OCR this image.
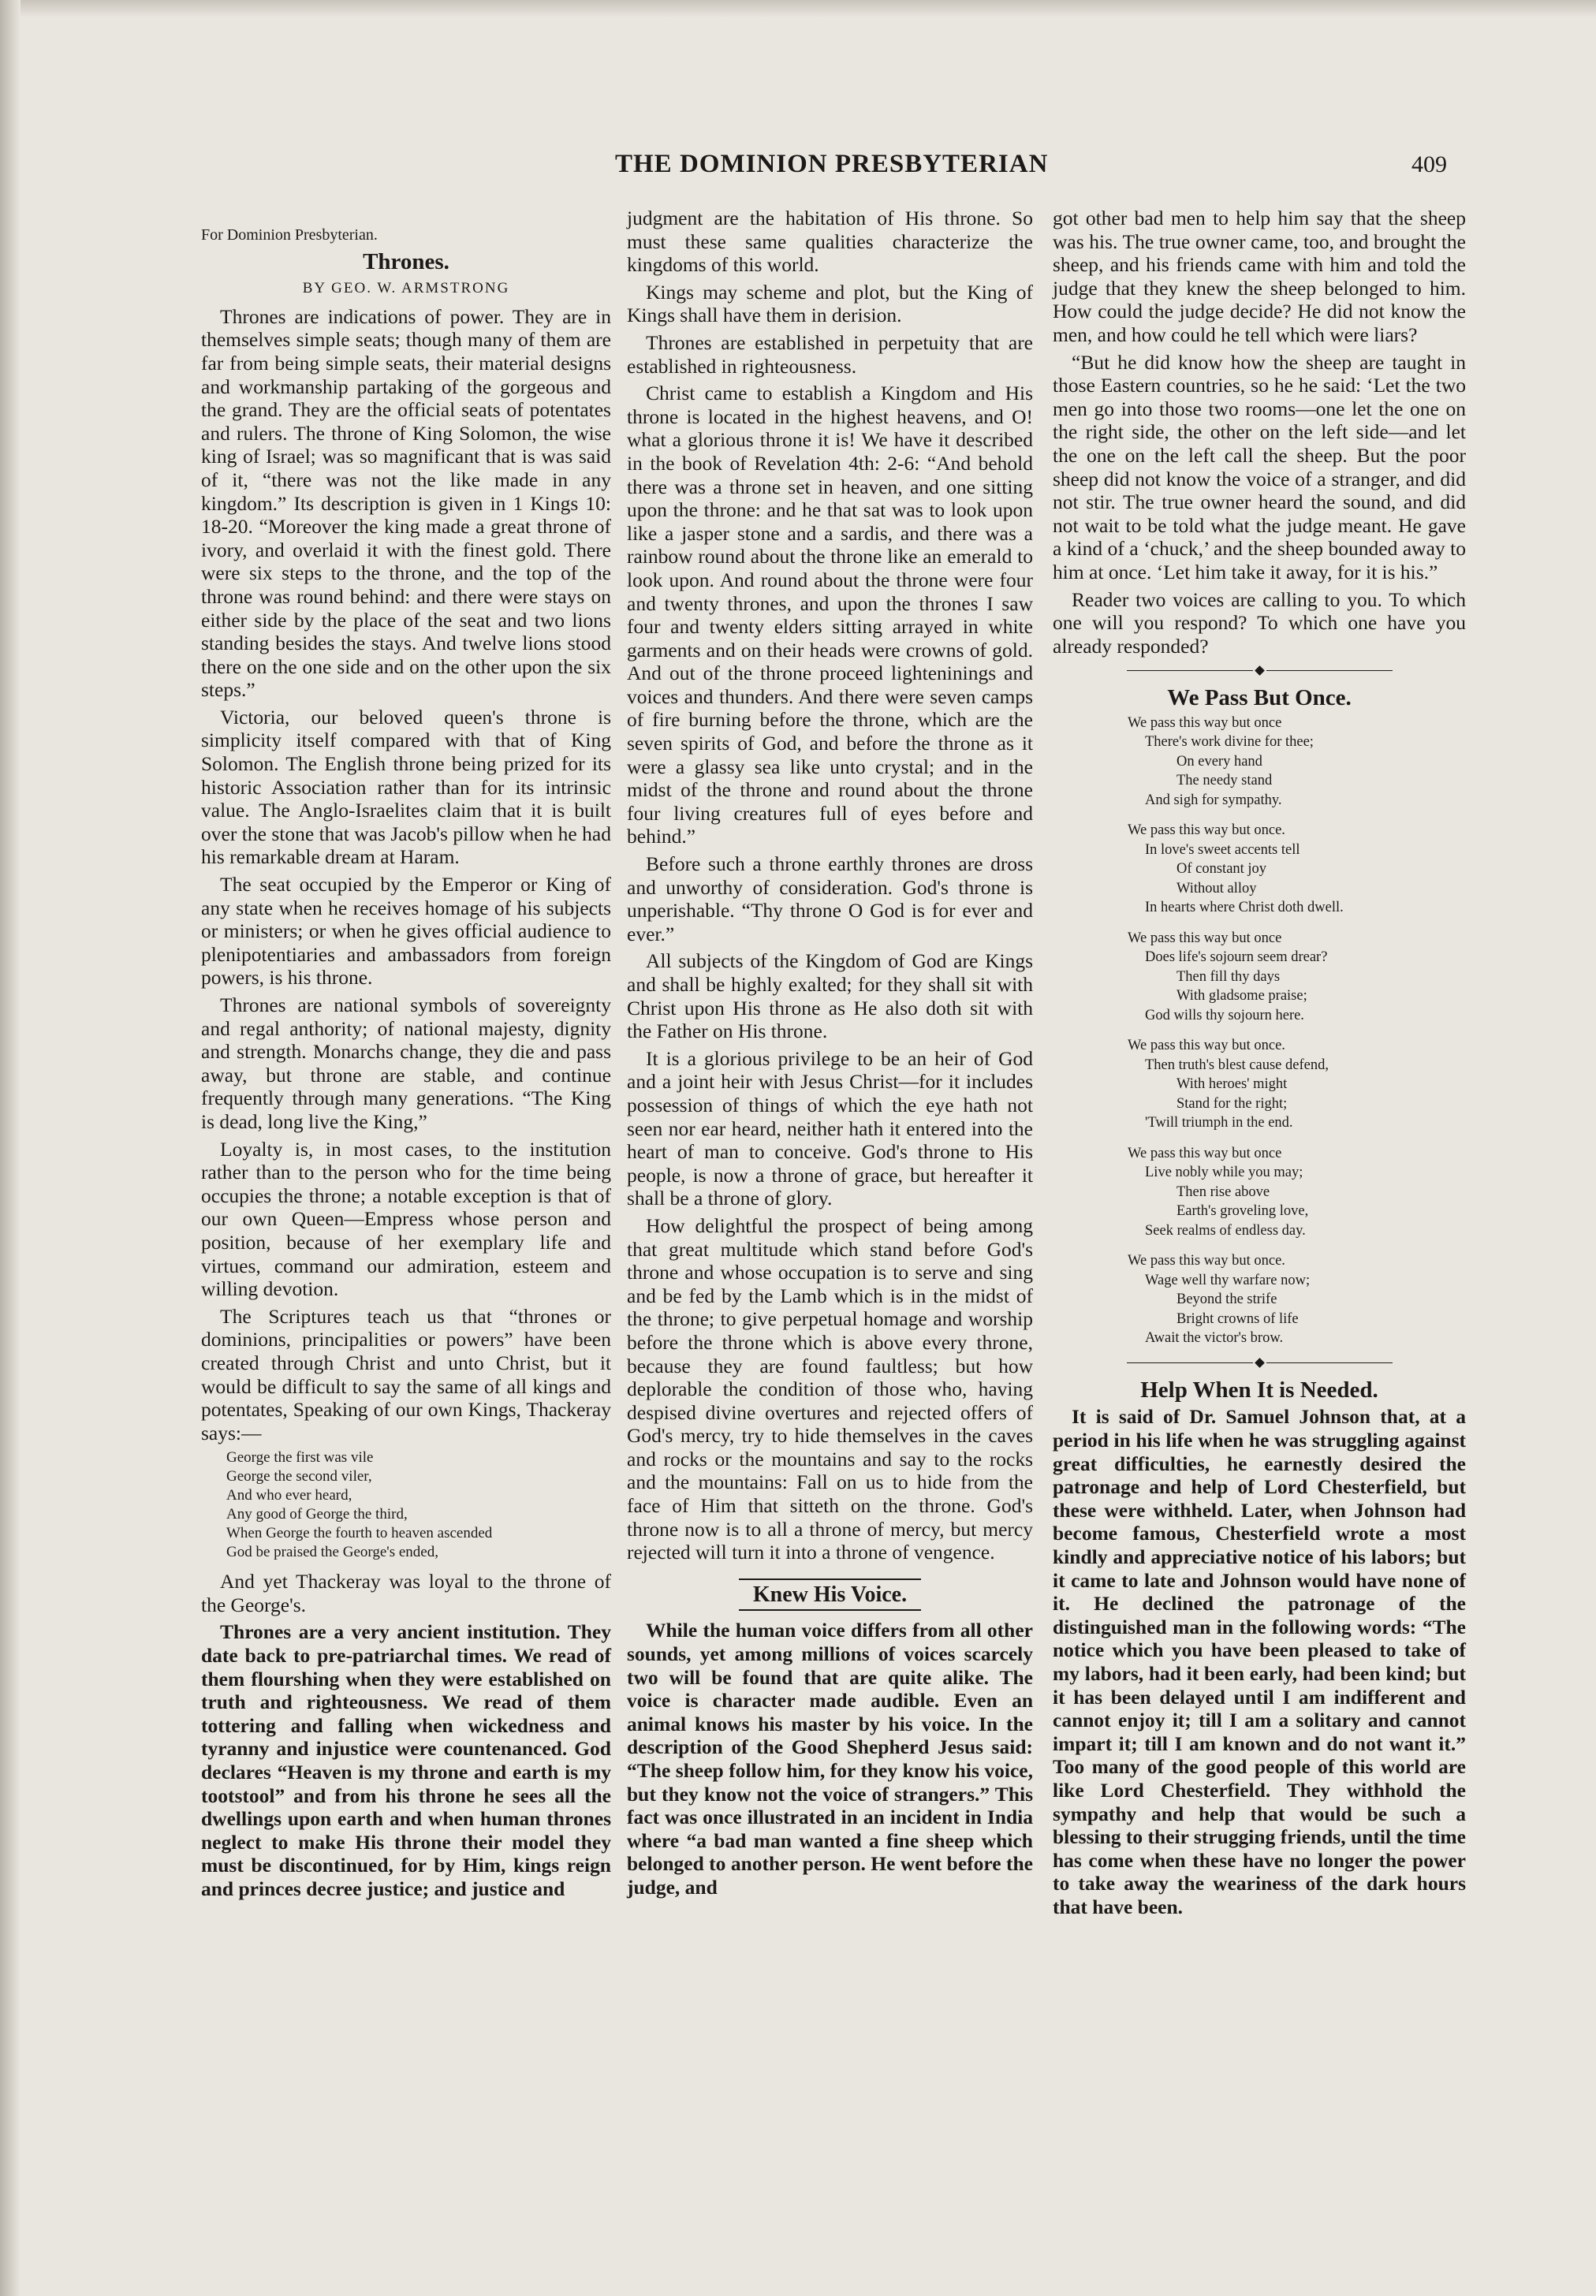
THE DOMINION PRESBYTERIAN	409
For Dominion Presbyterian.
Thrones.
BY GEO. W. ARMSTRONG

Thrones are indications of power. They are in themselves simple seats; though many of them are far from being simple seats, their material designs and workmanship partaking of the gorgeous and the grand. They are the official seats of potentates and rulers. The throne of King Solomon, the wise king of Israel; was so magnificant that is was said of it, “there was not the like made in any kingdom.” Its description is given in 1 Kings 10: 18-20. “Moreover the king made a great throne of ivory, and overlaid it with the finest gold. There were six steps to the throne, and the top of the throne was round behind: and there were stays on either side by the place of the seat and two lions standing besides the stays. And twelve lions stood there on the one side and on the other upon the six steps.”

Victoria, our beloved queen's throne is simplicity itself compared with that of King Solomon. The English throne being prized for its historic Association rather than for its intrinsic value. The Anglo-Israelites claim that it is built over the stone that was Jacob's pillow when he had his remarkable dream at Haram.

The seat occupied by the Emperor or King of any state when he receives homage of his subjects or ministers; or when he gives official audience to plenipotentiaries and ambassadors from foreign powers, is his throne.

Thrones are national symbols of sovereignty and regal anthority; of national majesty, dignity and strength. Monarchs change, they die and pass away, but throne are stable, and continue frequently through many generations. “The King is dead, long live the King,”

Loyalty is, in most cases, to the institution rather than to the person who for the time being occupies the throne; a notable exception is that of our own Queen—Empress whose person and position, because of her exemplary life and virtues, command our admiration, esteem and willing devotion.

The Scriptures teach us that “thrones or dominions, principalities or powers” have been created through Christ and unto Christ, but it would be difficult to say the same of all kings and potentates, Speaking of our own Kings, Thackeray says:—

George the first was vile
George the second viler,
And who ever heard,
Any good of George the third,
When George the fourth to heaven ascended
God be praised the George's ended,

And yet Thackeray was loyal to the throne of the George's.

Thrones are a very ancient institution. They date back to pre-patriarchal times. We read of them flourshing when they were established on truth and righteousness. We read of them tottering and falling when wickedness and tyranny and injustice were countenanced. God declares “Heaven is my throne and earth is my tootstool” and from his throne he sees all the dwellings upon earth and when human thrones neglect to make His throne their model they must be discontinued, for by Him, kings reign and princes decree justice; and justice and

judgment are the habitation of His throne. So must these same qualities characterize the kingdoms of this world.

Kings may scheme and plot, but the King of Kings shall have them in derision.

Thrones are established in perpetuity that are established in righteousness.

Christ came to establish a Kingdom and His throne is located in the highest heavens, and O! what a glorious throne it is! We have it described in the book of Revelation 4th: 2-6: “And behold there was a throne set in heaven, and one sitting upon the throne: and he that sat was to look upon like a jasper stone and a sardis, and there was a rainbow round about the throne like an emerald to look upon. And round about the throne were four and twenty thrones, and upon the thrones I saw four and twenty elders sitting arrayed in white garments and on their heads were crowns of gold. And out of the throne proceed lighteninings and voices and thunders. And there were seven camps of fire burning before the throne, which are the seven spirits of God, and before the throne as it were a glassy sea like unto crystal; and in the midst of the throne and round about the throne four living creatures full of eyes before and behind.”

Before such a throne earthly thrones are dross and unworthy of consideration. God's throne is unperishable. “Thy throne O God is for ever and ever.”

All subjects of the Kingdom of God are Kings and shall be highly exalted; for they shall sit with Christ upon His throne as He also doth sit with the Father on His throne.

It is a glorious privilege to be an heir of God and a joint heir with Jesus Christ—for it includes possession of things of which the eye hath not seen nor ear heard, neither hath it entered into the heart of man to conceive. God's throne to His people, is now a throne of grace, but hereafter it shall be a throne of glory.

How delightful the prospect of being among that great multitude which stand before God's throne and whose occupation is to serve and sing and be fed by the Lamb which is in the midst of the throne; to give perpetual homage and worship before the throne which is above every throne, because they are found faultless; but how deplorable the condition of those who, having despised divine overtures and rejected offers of God's mercy, try to hide themselves in the caves and rocks or the mountains and say to the rocks and the mountains: Fall on us to hide from the face of Him that sitteth on the throne. God's throne now is to all a throne of mercy, but mercy rejected will turn it into a throne of vengence.

Knew His Voice.

While the human voice differs from all other sounds, yet among millions of voices scarcely two will be found that are quite alike. The voice is character made audible. Even an animal knows his master by his voice. In the description of the Good Shepherd Jesus said: “The sheep follow him, for they know his voice, but they know not the voice of strangers.” This fact was once illustrated in an incident in India where “a bad man wanted a fine sheep which belonged to another person. He went before the judge, and

got other bad men to help him say that the sheep was his. The true owner came, too, and brought the sheep, and his friends came with him and told the judge that they knew the sheep belonged to him. How could the judge decide? He did not know the men, and how could he tell which were liars?

“But he did know how the sheep are taught in those Eastern countries, so he he said: ‘Let the two men go into those two rooms—one let the one on the right side, the other on the left side—and let the one on the left call the sheep. But the poor sheep did not know the voice of a stranger, and did not stir. The true owner heard the sound, and did not wait to be told what the judge meant. He gave a kind of a ‘chuck,’ and the sheep bounded away to him at once. ‘Let him take it away, for it is his.”

Reader two voices are calling to you. To which one will you respond? To which one have you already responded?

We Pass But Once.
We pass this way but once
There's work divine for thee;
On every hand
The needy stand
And sigh for sympathy.
We pass this way but once.
In love's sweet accents tell
Of constant joy
Without alloy
In hearts where Christ doth dwell.
We pass this way but once
Does life's sojourn seem drear?
Then fill thy days
With gladsome praise;
God wills thy sojourn here.
We pass this way but once.
Then truth's blest cause defend,
With heroes' might
Stand for the right;
'Twill triumph in the end.
We pass this way but once
Live nobly while you may;
Then rise above
Earth's groveling love,
Seek realms of endless day.
We pass this way but once.
Wage well thy warfare now;
Beyond the strife
Bright crowns of life
Await the victor's brow.
Help When It is Needed.

It is said of Dr. Samuel Johnson that, at a period in his life when he was struggling against great difficulties, he earnestly desired the patronage and help of Lord Chesterfield, but these were withheld. Later, when Johnson had become famous, Chesterfield wrote a most kindly and appreciative notice of his labors; but it came to late and Johnson would have none of it. He declined the patronage of the distinguished man in the following words: “The notice which you have been pleased to take of my labors, had it been early, had been kind; but it has been delayed until I am indifferent and cannot enjoy it; till I am a solitary and cannot impart it; till I am known and do not want it.” Too many of the good people of this world are like Lord Chesterfield. They withhold the sympathy and help that would be such a blessing to their strugging friends, until the time has come when these have no longer the power to take away the weariness of the dark hours that have been.
